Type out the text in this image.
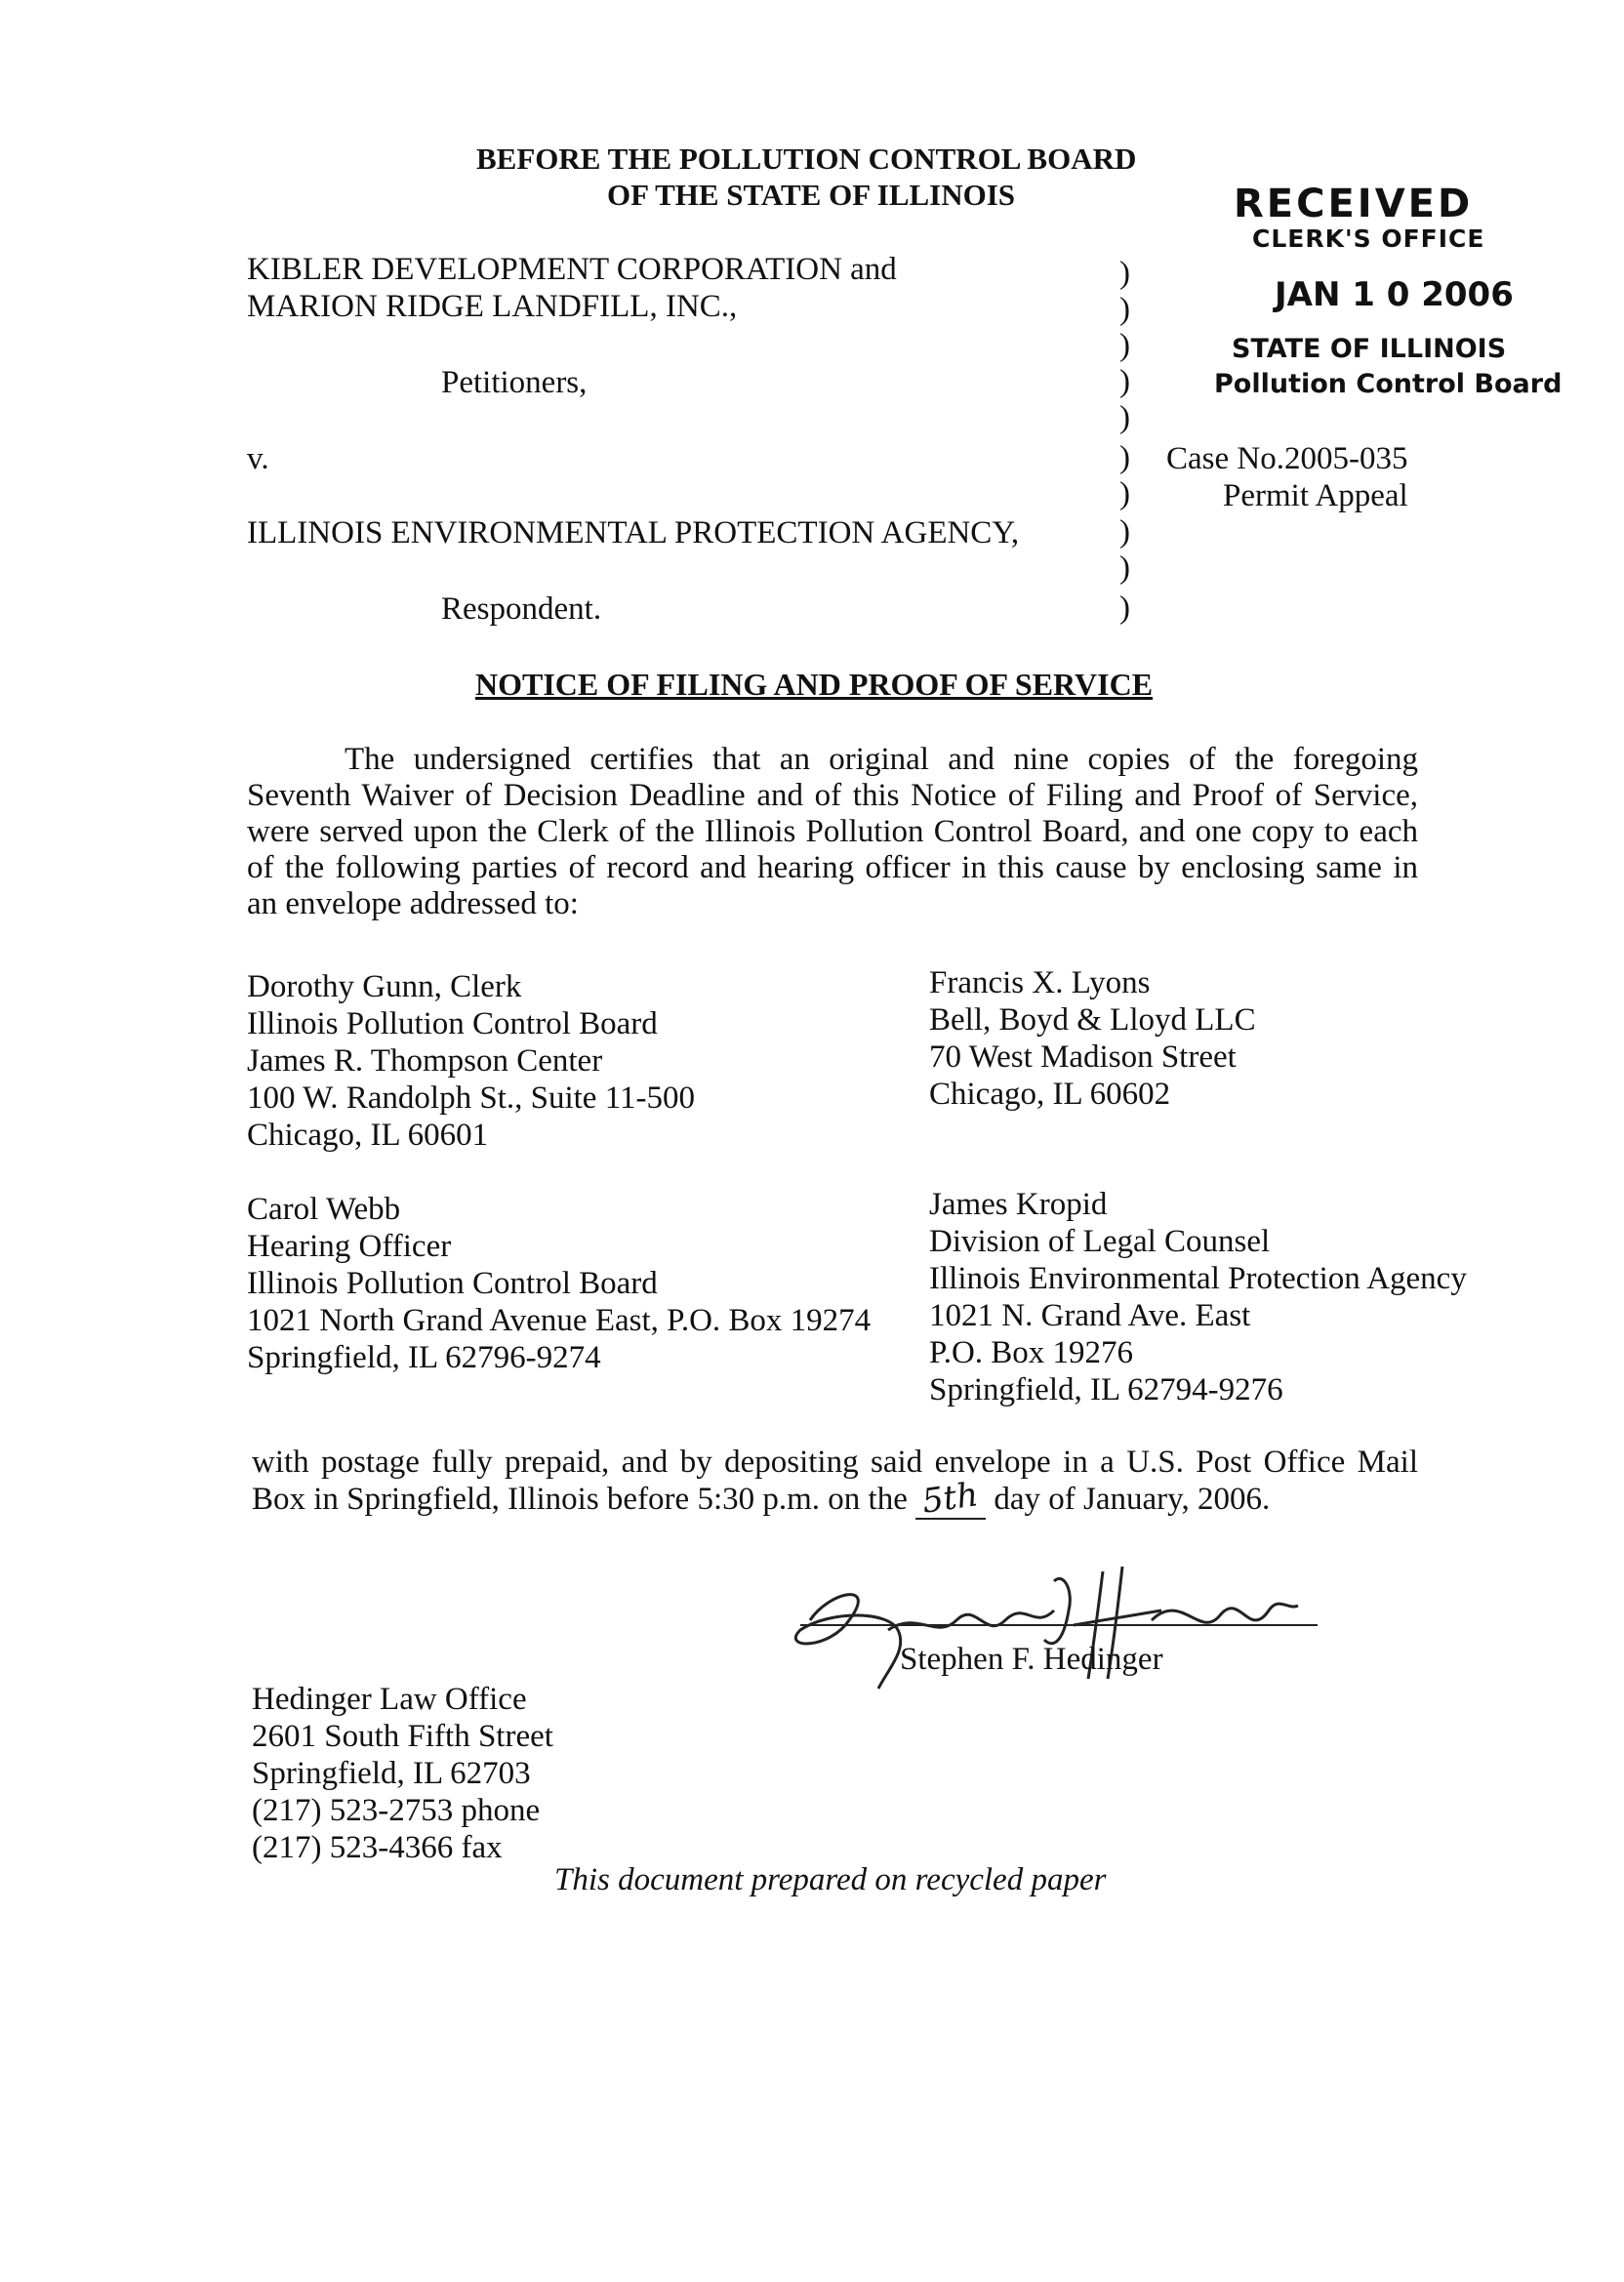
BEFORE THE POLLUTION CONTROL BOARD
OF THE STATE OF ILLINOIS	RECEIVED
CLERK'S OFFICE
JAN 1 0 2006
STATE OF ILLINOIS
Pollution Control Board
KIBLER DEVELOPMENT CORPORATION and
MARION RIDGE LANDFILL, INC.,
Petitioners,
v.
ILLINOIS ENVIRONMENTAL PROTECTION AGENCY,
Respondent.
)
)
)
)
)
)
)
)
)
)
Case No.2005-035
Permit Appeal
NOTICE OF FILING AND PROOF OF SERVICE
The undersigned certifies that an original and nine copies of the foregoing
Seventh Waiver of Decision Deadline and of this Notice of Filing and Proof of Service,
were served upon the Clerk of the Illinois Pollution Control Board, and one copy to each
of the following parties of record and hearing officer in this cause by enclosing same in
an envelope addressed to:
Dorothy Gunn, Clerk
Illinois Pollution Control Board
James R. Thompson Center
100 W. Randolph St., Suite 11-500
Chicago, IL 60601
Francis X. Lyons
Bell, Boyd & Lloyd LLC
70 West Madison Street
Chicago, IL 60602
Carol Webb
Hearing Officer
Illinois Pollution Control Board
1021 North Grand Avenue East, P.O. Box 19274
Springfield, IL 62796-9274
James Kropid
Division of Legal Counsel
Illinois Environmental Protection Agency
1021 N. Grand Ave. East
P.O. Box 19276
Springfield, IL 62794-9276
with postage fully prepaid, and by depositing said envelope in a U.S. Post Office Mail
Box in Springfield, Illinois before 5:30 p.m. on the 5th day of January, 2006.
Stephen F. Hedinger
Hedinger Law Office
2601 South Fifth Street
Springfield, IL 62703
(217) 523-2753 phone
(217) 523-4366 fax
This document prepared on recycled paper
